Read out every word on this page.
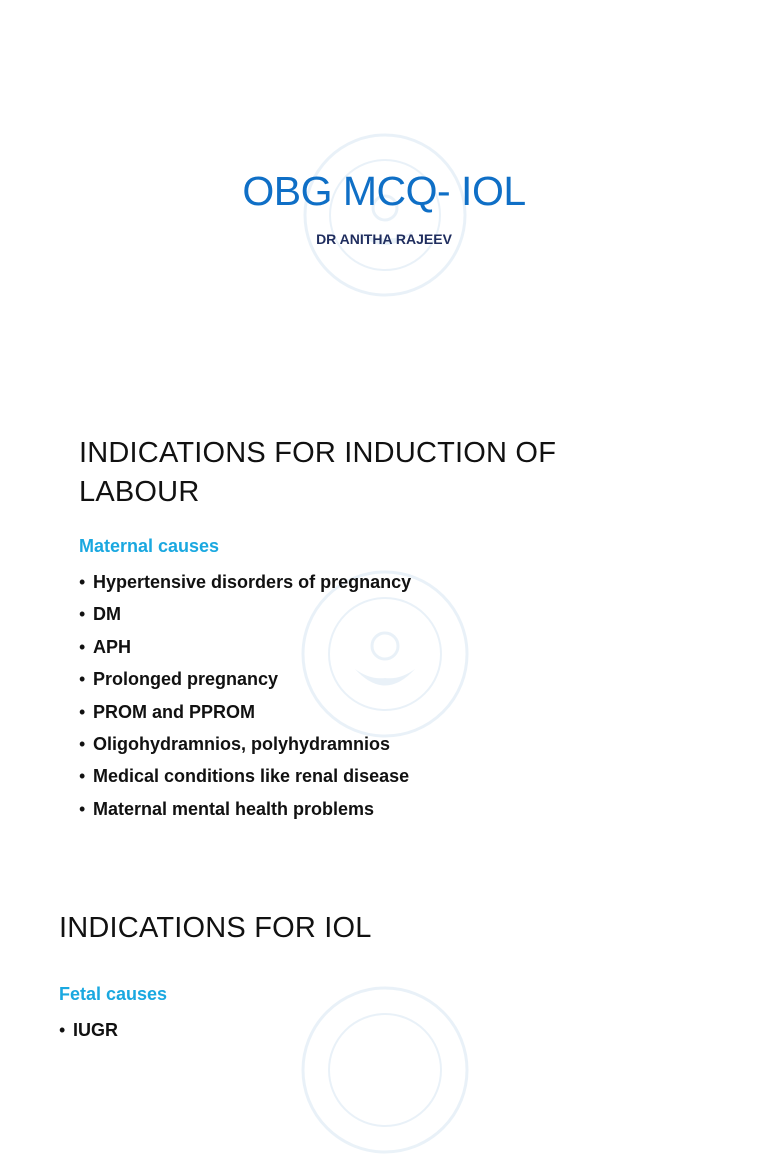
OBG MCQ- IOL

DR ANITHA RAJEEV

INDICATIONS FOR INDUCTION OF LABOUR

Maternal causes

• Hypertensive disorders of pregnancy
• DM
• APH
• Prolonged pregnancy
• PROM and PPROM
• Oligohydramnios, polyhydramnios
• Medical conditions like renal disease
• Maternal mental health problems
INDICATIONS FOR IOL

Fetal causes

• IUGR
